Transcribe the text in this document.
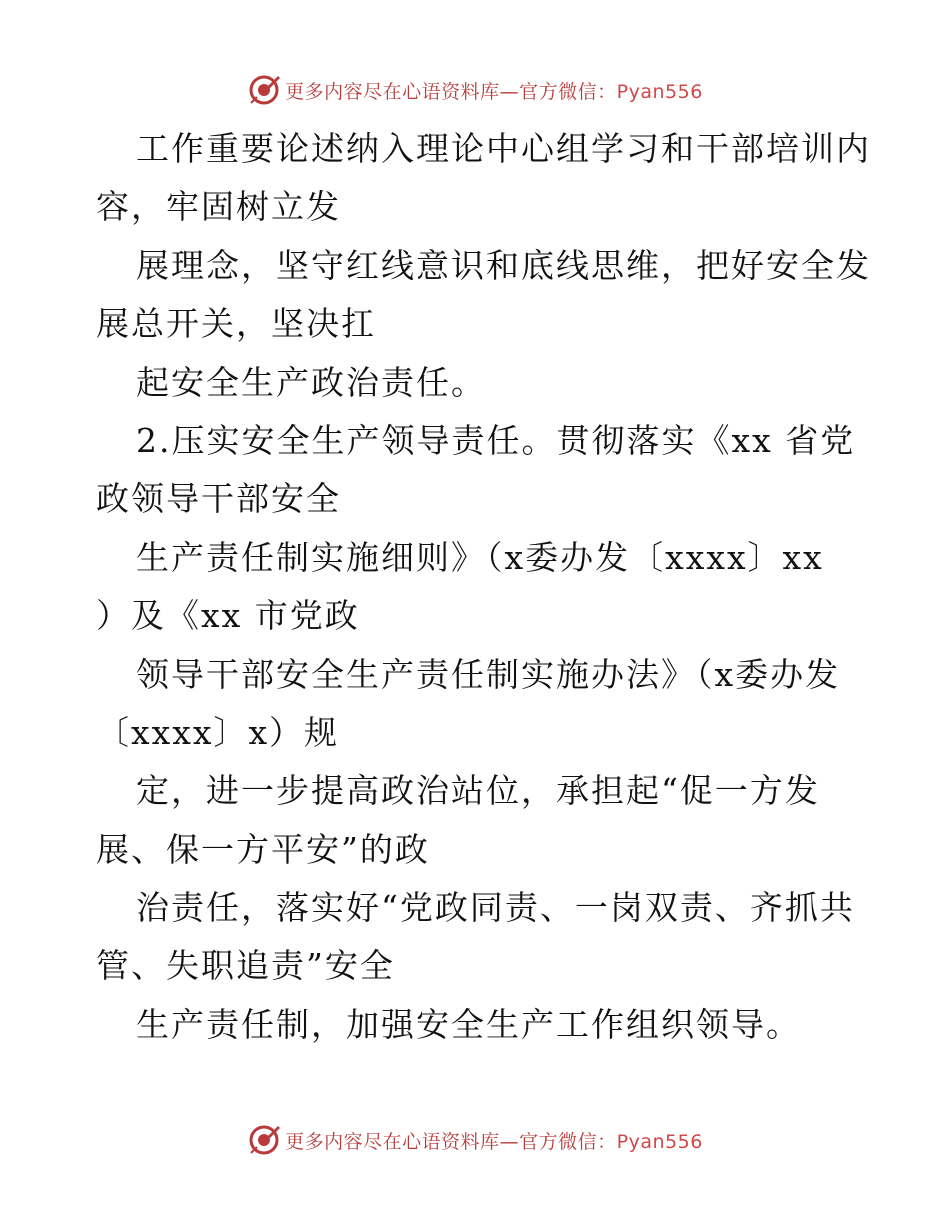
更多内容尽在心语资料库—官方微信：Pyan556
工作重要论述纳入理论中心组学习和干部培训内
容，牢固树立发
展理念，坚守红线意识和底线思维，把好安全发
展总开关，坚决扛
起安全生产政治责任。
2.压实安全生产领导责任。贯彻落实《xx 省党
政领导干部安全
生产责任制实施细则》（x委办发〔xxxx〕xx
）及《xx 市党政
领导干部安全生产责任制实施办法》（x委办发
〔xxxx〕x）规
定，进一步提高政治站位，承担起“促一方发
展、保一方平安”的政
治责任，落实好“党政同责、一岗双责、齐抓共
管、失职追责”安全
生产责任制，加强安全生产工作组织领导。
更多内容尽在心语资料库—官方微信：Pyan556
